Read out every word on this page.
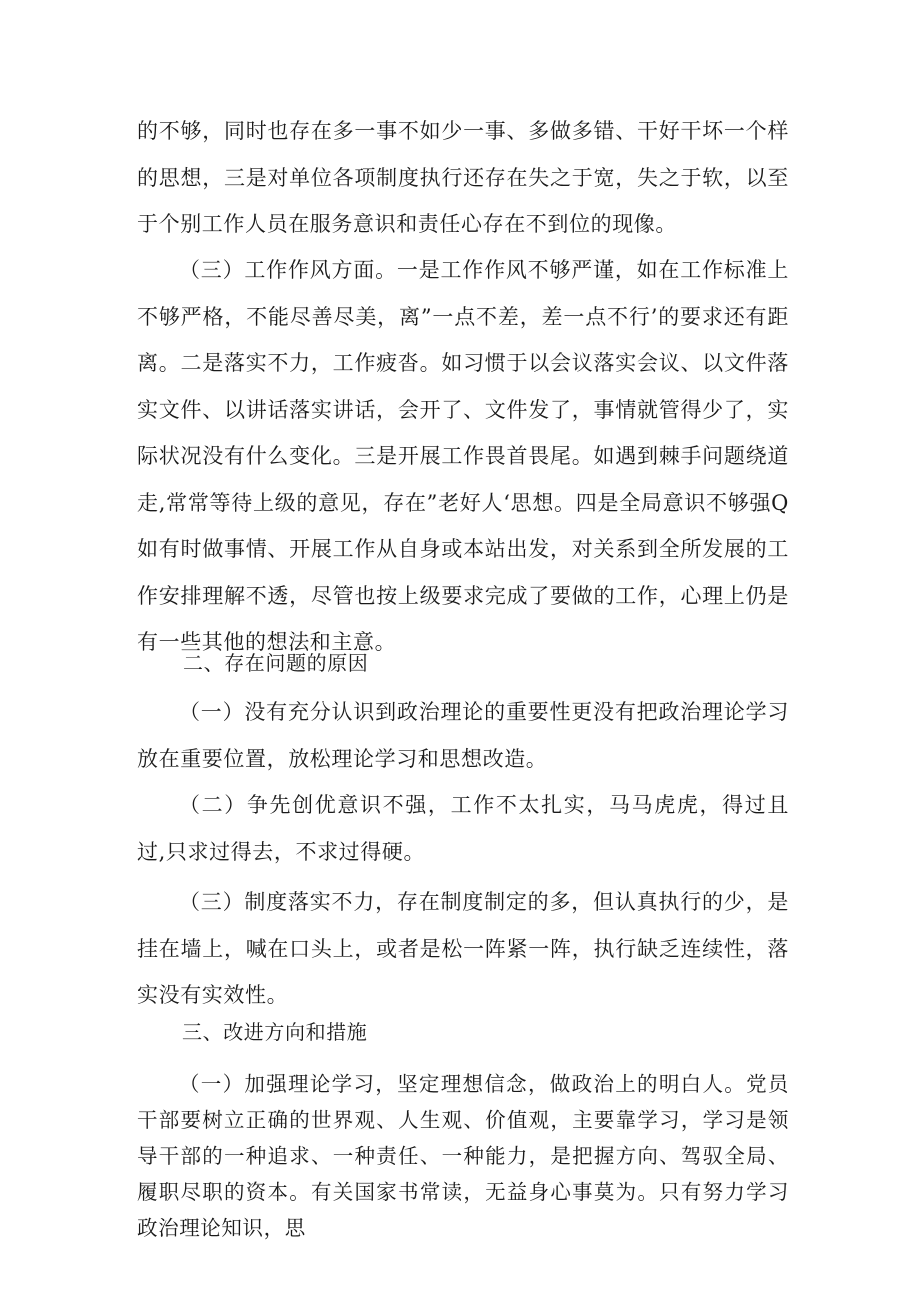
的不够，同时也存在多一事不如少一事、多做多错、干好干坏一个样的思想，三是对单位各项制度执行还存在失之于宽，失之于软，以至于个别工作人员在服务意识和责任心存在不到位的现像。

（三）工作作风方面。一是工作作风不够严谨，如在工作标准上不够严格，不能尽善尽美，离”一点不差，差一点不行’的要求还有距离。二是落实不力，工作疲沓。如习惯于以会议落实会议、以文件落实文件、以讲话落实讲话，会开了、文件发了，事情就管得少了，实际状况没有什么变化。三是开展工作畏首畏尾。如遇到棘手问题绕道走,常常等待上级的意见，存在”老好人‘思想。四是全局意识不够强Q如有时做事情、开展工作从自身或本站出发，对关系到全所发展的工作安排理解不透，尽管也按上级要求完成了要做的工作，心理上仍是有一些其他的想法和主意。

二、存在问题的原因

（一）没有充分认识到政治理论的重要性更没有把政治理论学习放在重要位置，放松理论学习和思想改造。

（二）争先创优意识不强，工作不太扎实，马马虎虎，得过且过,只求过得去，不求过得硬。

（三）制度落实不力，存在制度制定的多，但认真执行的少，是挂在墙上，喊在口头上，或者是松一阵紧一阵，执行缺乏连续性，落实没有实效性。

三、改进方向和措施

（一）加强理论学习，坚定理想信念，做政治上的明白人。党员干部要树立正确的世界观、人生观、价值观，主要靠学习，学习是领导干部的一种追求、一种责任、一种能力，是把握方向、驾驭全局、履职尽职的资本。有关国家书常读，无益身心事莫为。只有努力学习政治理论知识，思
